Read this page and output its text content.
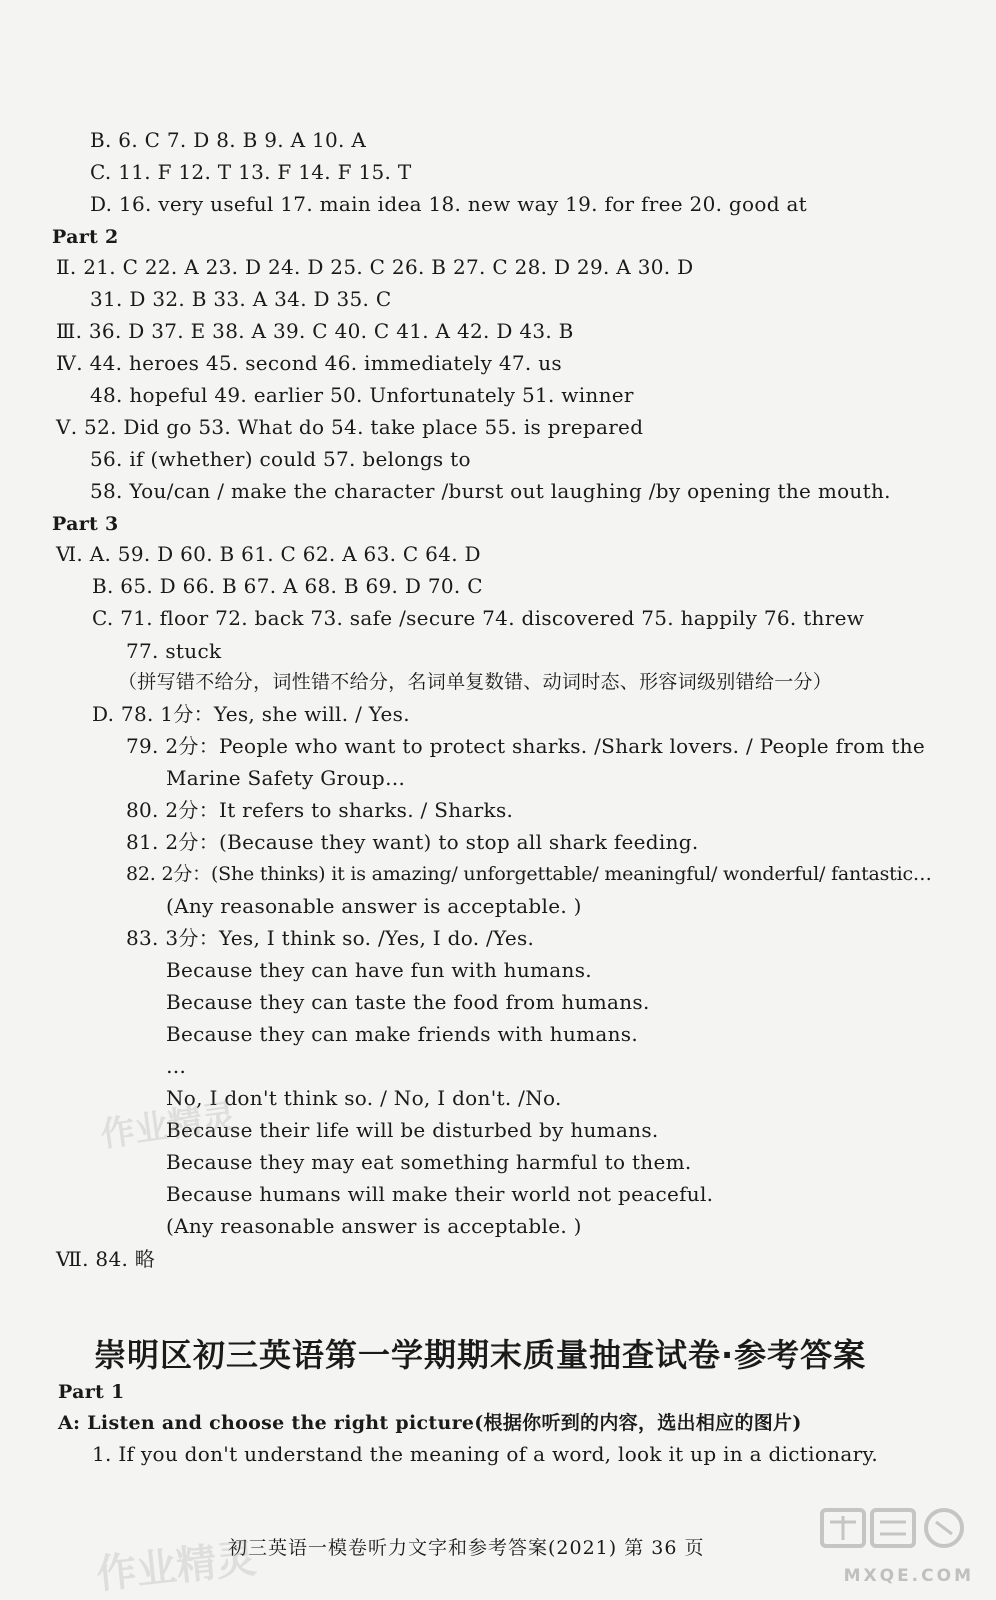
B. 6. C 7. D 8. B 9. A 10. A
C. 11. F 12. T 13. F 14. F 15. T
D. 16. very useful 17. main idea 18. new way 19. for free 20. good at
Part 2
Ⅱ. 21. C 22. A 23. D 24. D 25. C 26. B 27. C 28. D 29. A 30. D
31. D 32. B 33. A 34. D 35. C
Ⅲ. 36. D 37. E 38. A 39. C 40. C 41. A 42. D 43. B
Ⅳ. 44. heroes 45. second 46. immediately 47. us
48. hopeful 49. earlier 50. Unfortunately 51. winner
Ⅴ. 52. Did go 53. What do 54. take place 55. is prepared
56. if (whether) could 57. belongs to
58. You/can / make the character /burst out laughing /by opening the mouth.
Part 3
Ⅵ. A. 59. D 60. B 61. C 62. A 63. C 64. D
B. 65. D 66. B 67. A 68. B 69. D 70. C
C. 71. floor 72. back 73. safe /secure 74. discovered 75. happily 76. threw
77. stuck
（拼写错不给分，词性错不给分，名词单复数错、动词时态、形容词级别错给一分）
D. 78. 1分：Yes, she will. / Yes.
79. 2分：People who want to protect sharks. /Shark lovers. / People from the
Marine Safety Group…
80. 2分：It refers to sharks. / Sharks.
81. 2分：(Because they want) to stop all shark feeding.
82. 2分：(She thinks) it is amazing/ unforgettable/ meaningful/ wonderful/ fantastic…
(Any reasonable answer is acceptable. )
83. 3分：Yes, I think so. /Yes, I do. /Yes.
Because they can have fun with humans.
Because they can taste the food from humans.
Because they can make friends with humans.
…
No, I don't think so. / No, I don't. /No.
Because their life will be disturbed by humans.
Because they may eat something harmful to them.
Because humans will make their world not peaceful.
(Any reasonable answer is acceptable. )
Ⅶ. 84. 略
崇明区初三英语第一学期期末质量抽查试卷·参考答案
Part 1
A: Listen and choose the right picture(根据你听到的内容，选出相应的图片)
1. If you don't understand the meaning of a word, look it up in a dictionary.
初三英语一模卷听力文字和参考答案(2021) 第 36 页
作业精灵
作业精灵	MXQE.COM
